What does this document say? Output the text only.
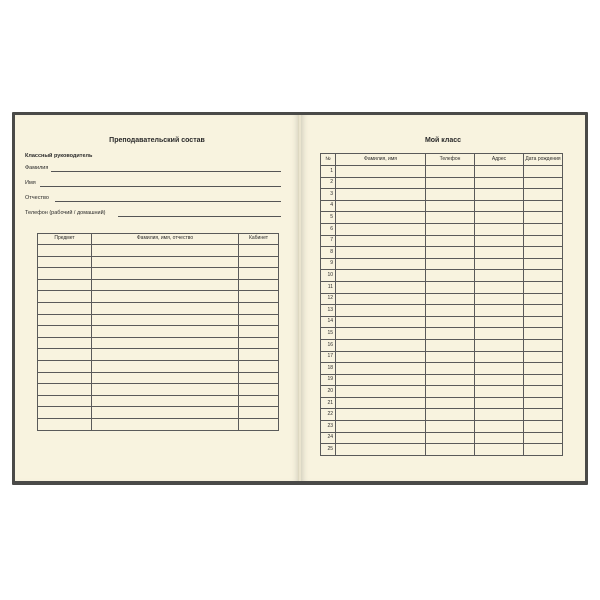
Преподавательский состав
Классный руководитель
Фамилия
Имя
Отчество
Телефон (рабочий / домашний)
Предмет	Фамилия, имя, отчество	Кабинет

Мой класс
№	Фамилия, имя	Телефон	Адрес	Дата рождения
1				
2				
3				
4				
5				
6				
7				
8				
9				
10				
11				
12				
13				
14				
15				
16				
17				
18				
19				
20				
21				
22				
23				
24				
25				
